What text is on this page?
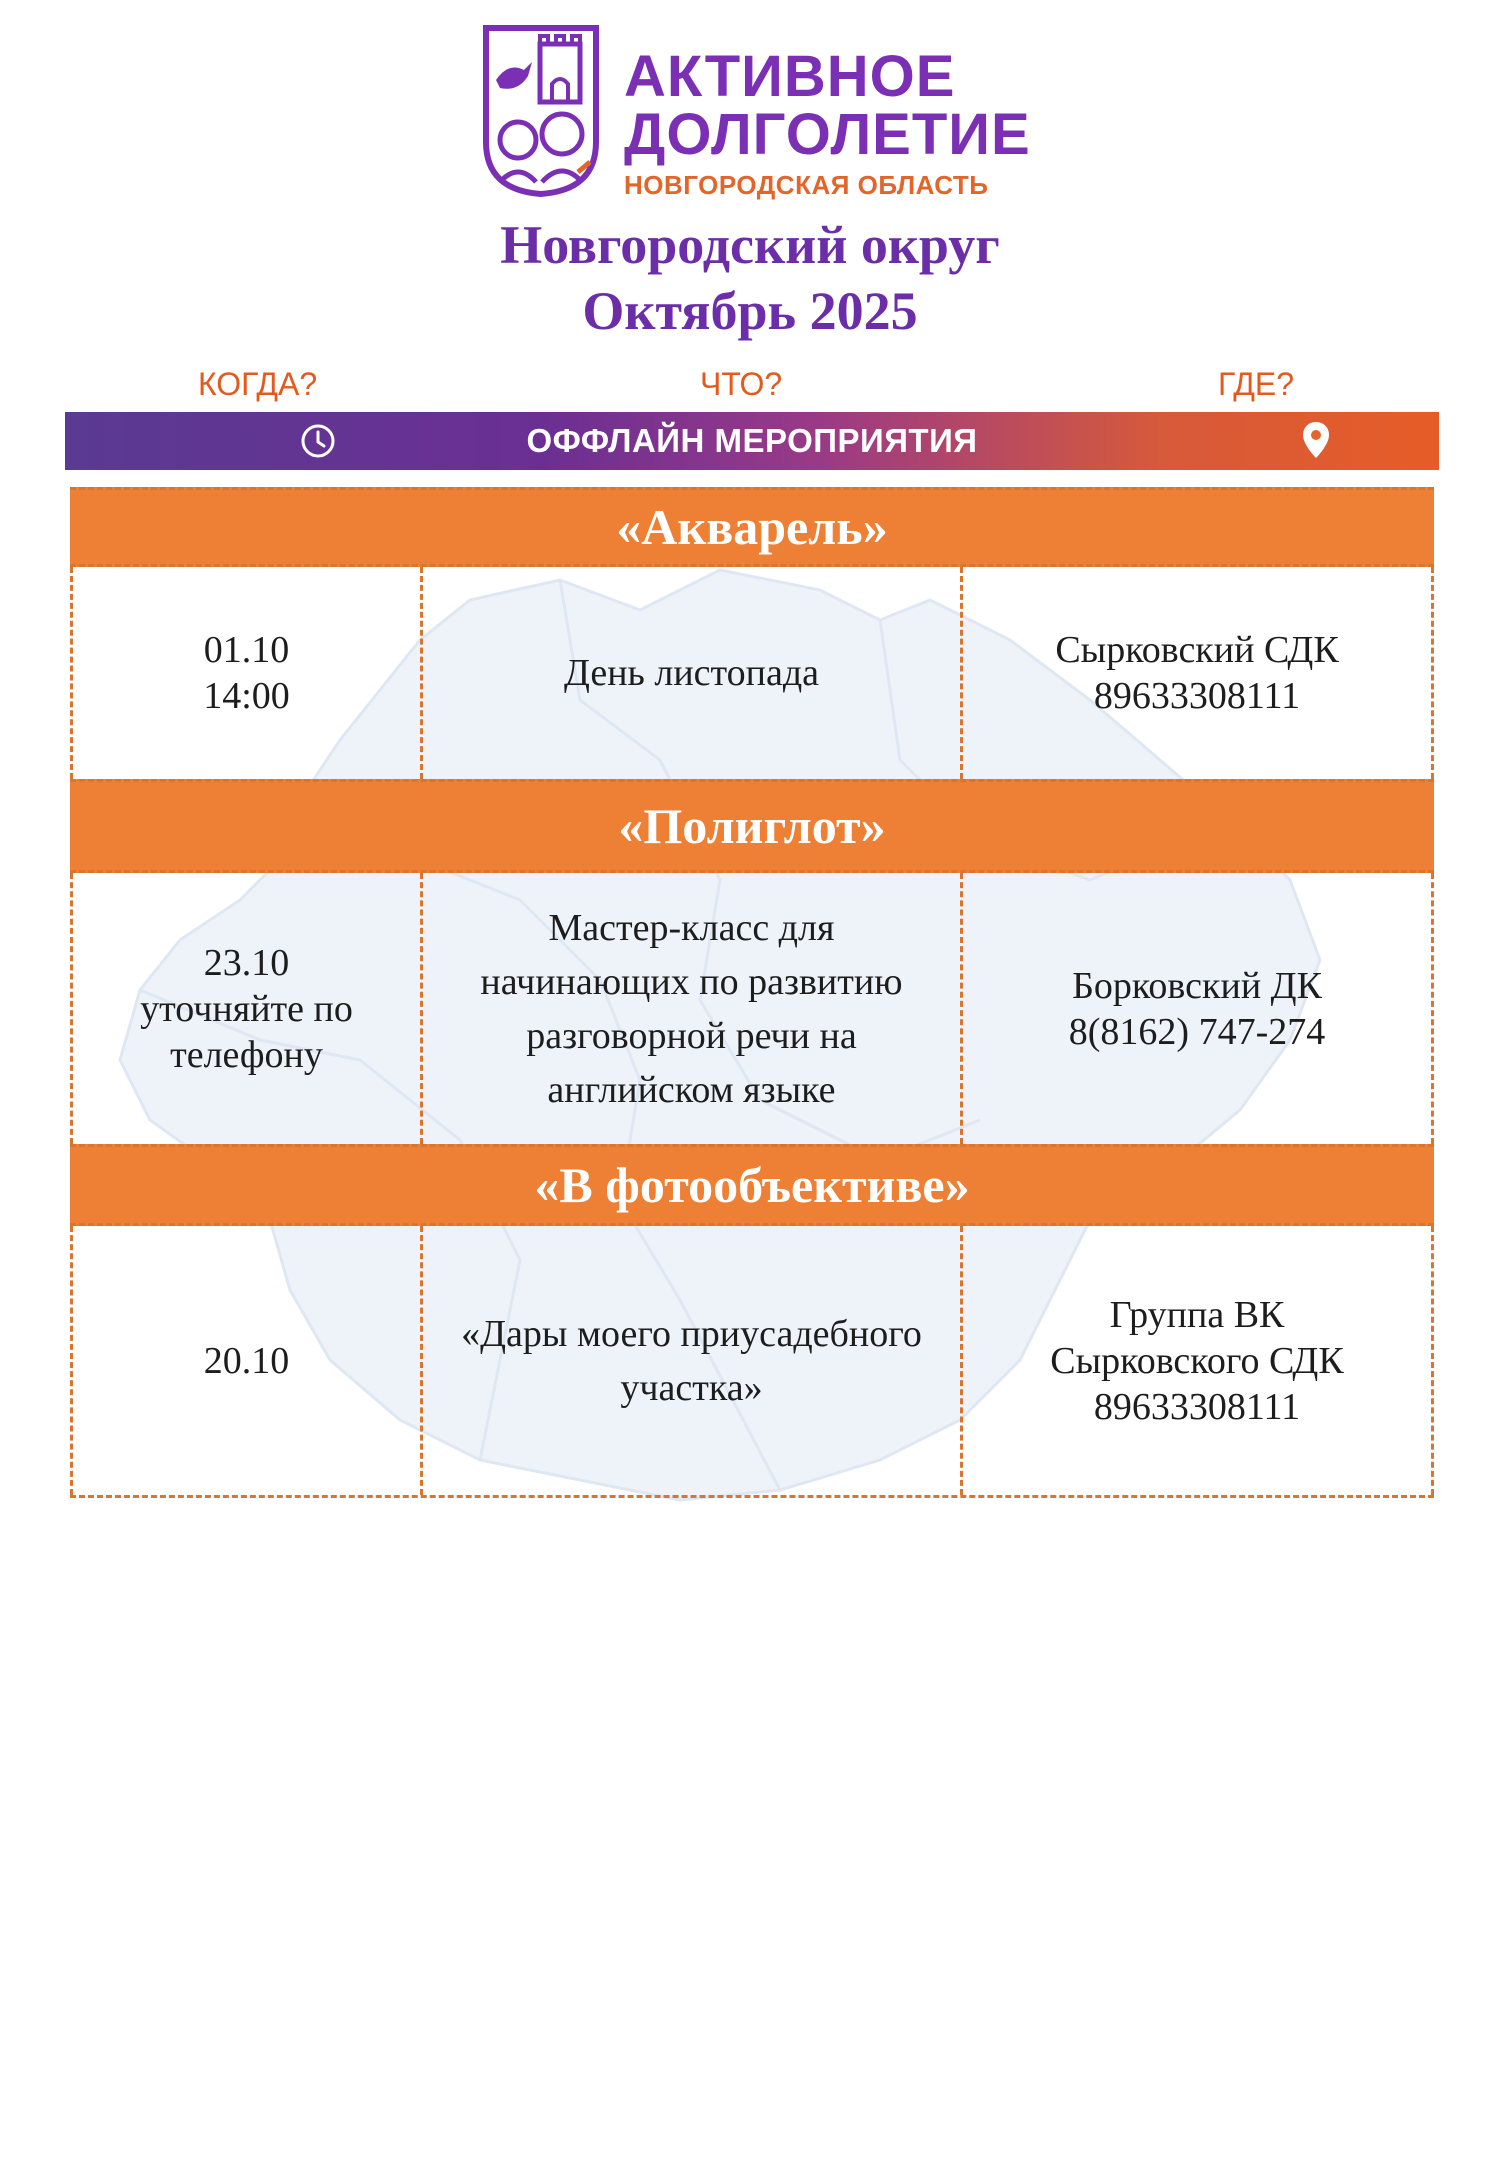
АКТИВНОЕ
ДОЛГОЛЕТИЕ
НОВГОРОДСКАЯ ОБЛАСТЬ
Новгородский округ
Октябрь 2025
КОГДА?	ЧТО?	ГДЕ?
ОФФЛАЙН МЕРОПРИЯТИЯ
«Акварель»
01.10
14:00
День листопада
Сырковский СДК
89633308111
«Полиглот»
23.10
уточняйте по
телефону
Мастер-класс для
начинающих по развитию
разговорной речи на
английском языке
Борковский ДК
8(8162) 747-274
«В фотообъективе»
20.10
«Дары моего приусадебного
участка»
Группа ВК
Сырковского СДК
89633308111
